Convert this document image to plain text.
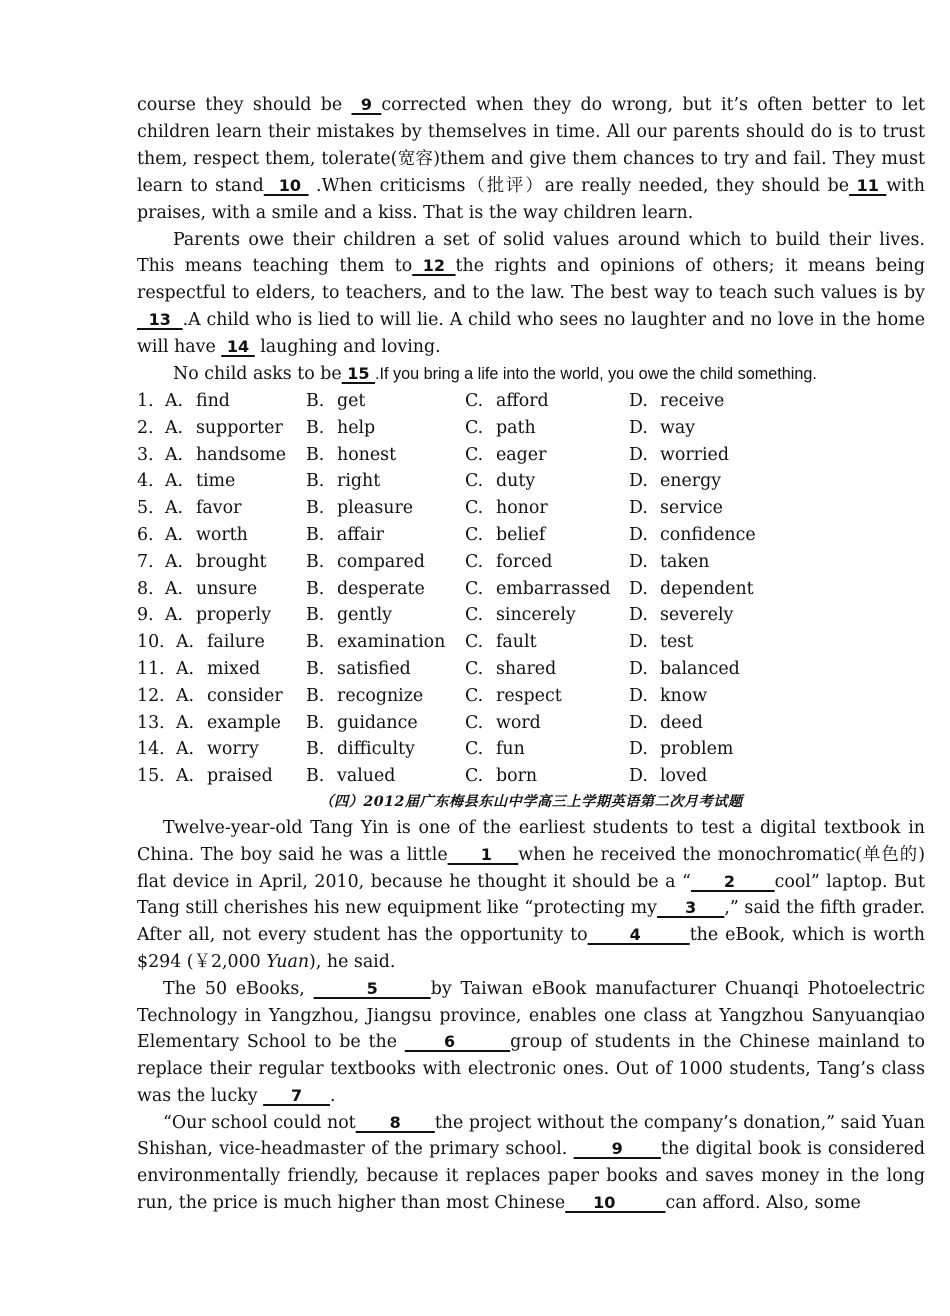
course they should be  9 corrected when they do wrong, but it’s often better to let children learn their mistakes by themselves in time. All our parents should do is to trust them, respect them, tolerate(宽容)them and give them chances to try and fail. They must learn to stand  10  .When criticisms（批评）are really needed, they should be 11 with praises, with a smile and a kiss. That is the way children learn.

Parents owe their children a set of solid values around which to build their lives. This means teaching them to 12 the rights and opinions of others; it means being respectful to elders, to teachers, and to the law. The best way to teach such values is by  13  .A child who is lied to will lie. A child who sees no laughter and no love in the home will have  14  laughing and loving.

No child asks to be 15 .If you bring a life into the world, you owe the child something.

1． A. find	B. get	C. afford	D. receive
2． A. supporter	B. help	C. path	D. way
3． A. handsome	B. honest	C. eager	D. worried
4． A. time	B. right	C. duty	D. energy
5． A. favor	B. pleasure	C. honor	D. service
6． A. worth	B. affair	C. belief	D. confidence
7． A. brought	B. compared	C. forced	D. taken
8． A. unsure	B. desperate	C. embarrassed	D. dependent
9． A. properly	B. gently	C. sincerely	D. severely
10． A. failure	B. examination	C. fault	D. test
11． A. mixed	B. satisfied	C. shared	D. balanced
12． A. consider	B. recognize	C. respect	D. know
13． A. example	B. guidance	C. word	D. deed
14． A. worry	B. difficulty	C. fun	D. problem
15． A. praised	B. valued	C. born	D. loved

（四）2012届广东梅县东山中学高三上学期英语第二次月考试题

Twelve-year-old Tang Yin is one of the earliest students to test a digital textbook in China. The boy said he was a little     1    when he received the monochromatic(单色的) flat device in April, 2010, because he thought it should be a “     2      cool” laptop. But Tang still cherishes his new equipment like “protecting my     3     ,” said the fifth grader. After all, not every student has the opportunity to      4       the eBook, which is worth $294 (￥2,000 Yuan), he said.

The 50 eBooks,       5      by Taiwan eBook manufacturer Chuanqi Photoelectric Technology in Yangzhou, Jiangsu province, enables one class at Yangzhou Sanyuanqiao Elementary School to be the      6       group of students in the Chinese mainland to replace their regular textbooks with electronic ones. Out of 1000 students, Tang’s class was the lucky      7     .

“Our school could not      8      the project without the company’s donation,” said Yuan Shishan, vice-headmaster of the primary school.       9      the digital book is considered environmentally friendly, because it replaces paper books and saves money in the long run, the price is much higher than most Chinese     10         can afford. Also, some
